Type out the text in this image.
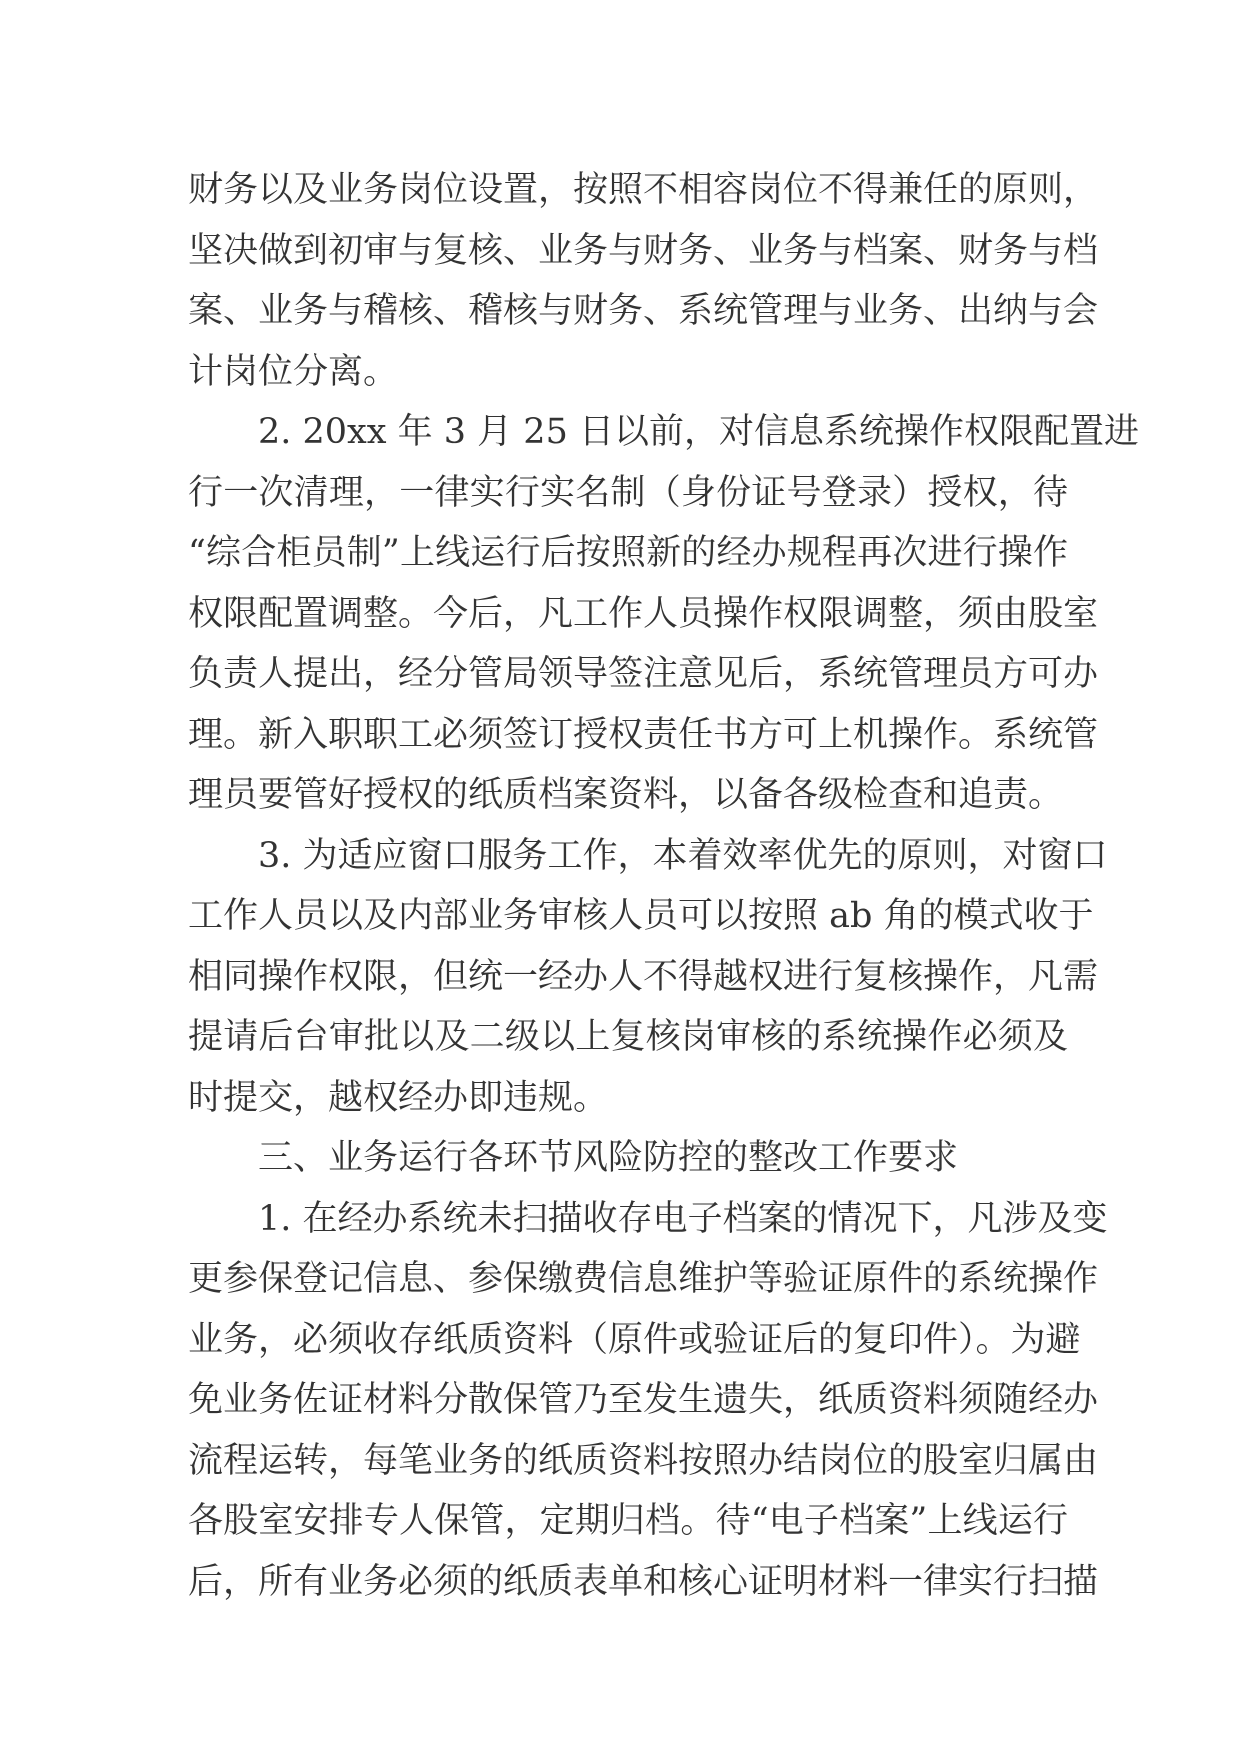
财务以及业务岗位设置，按照不相容岗位不得兼任的原则，
坚决做到初审与复核、业务与财务、业务与档案、财务与档
案、业务与稽核、稽核与财务、系统管理与业务、出纳与会
计岗位分离。
2. 20xx 年 3 月 25 日以前，对信息系统操作权限配置进
行一次清理，一律实行实名制（身份证号登录）授权，待
“综合柜员制”上线运行后按照新的经办规程再次进行操作
权限配置调整。今后，凡工作人员操作权限调整，须由股室
负责人提出，经分管局领导签注意见后，系统管理员方可办
理。新入职职工必须签订授权责任书方可上机操作。系统管
理员要管好授权的纸质档案资料，以备各级检查和追责。
3. 为适应窗口服务工作，本着效率优先的原则，对窗口
工作人员以及内部业务审核人员可以按照 ab 角的模式收于
相同操作权限，但统一经办人不得越权进行复核操作，凡需
提请后台审批以及二级以上复核岗审核的系统操作必须及
时提交，越权经办即违规。
三、业务运行各环节风险防控的整改工作要求
1. 在经办系统未扫描收存电子档案的情况下，凡涉及变
更参保登记信息、参保缴费信息维护等验证原件的系统操作
业务，必须收存纸质资料（原件或验证后的复印件）。为避
免业务佐证材料分散保管乃至发生遗失，纸质资料须随经办
流程运转，每笔业务的纸质资料按照办结岗位的股室归属由
各股室安排专人保管，定期归档。待“电子档案”上线运行
后，所有业务必须的纸质表单和核心证明材料一律实行扫描
